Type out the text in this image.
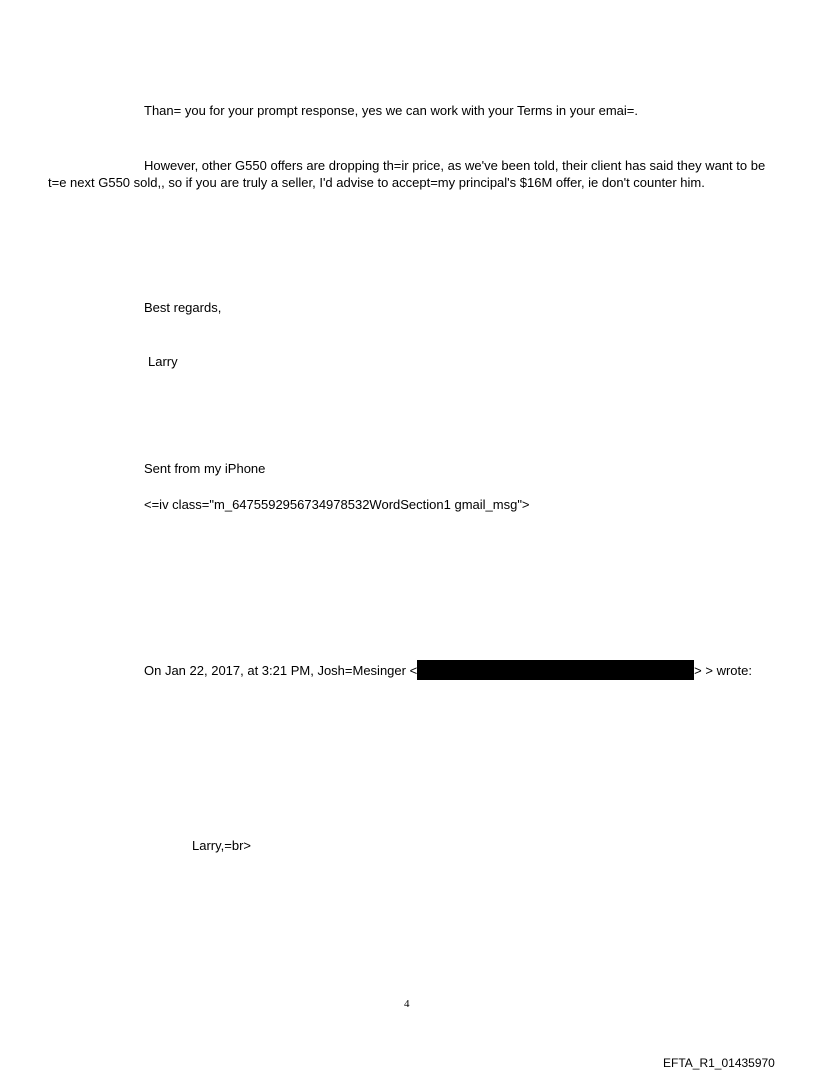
Than= you for your prompt response, yes we can work with your Terms in your emai=.
However, other G550 offers are dropping th=ir price, as we've been told, their client has said they want to be t=e next G550 sold,, so if you are truly a seller, I'd advise to accept=my principal's $16M offer, ie don't counter him.
Best regards,
Larry
Sent from my iPhone
<=iv class="m_6475592956734978532WordSection1 gmail_msg">
On Jan 22, 2017, at 3:21 PM, Josh=Mesinger <	> > wrote:
Larry,=br>
4
EFTA_R1_01435970
